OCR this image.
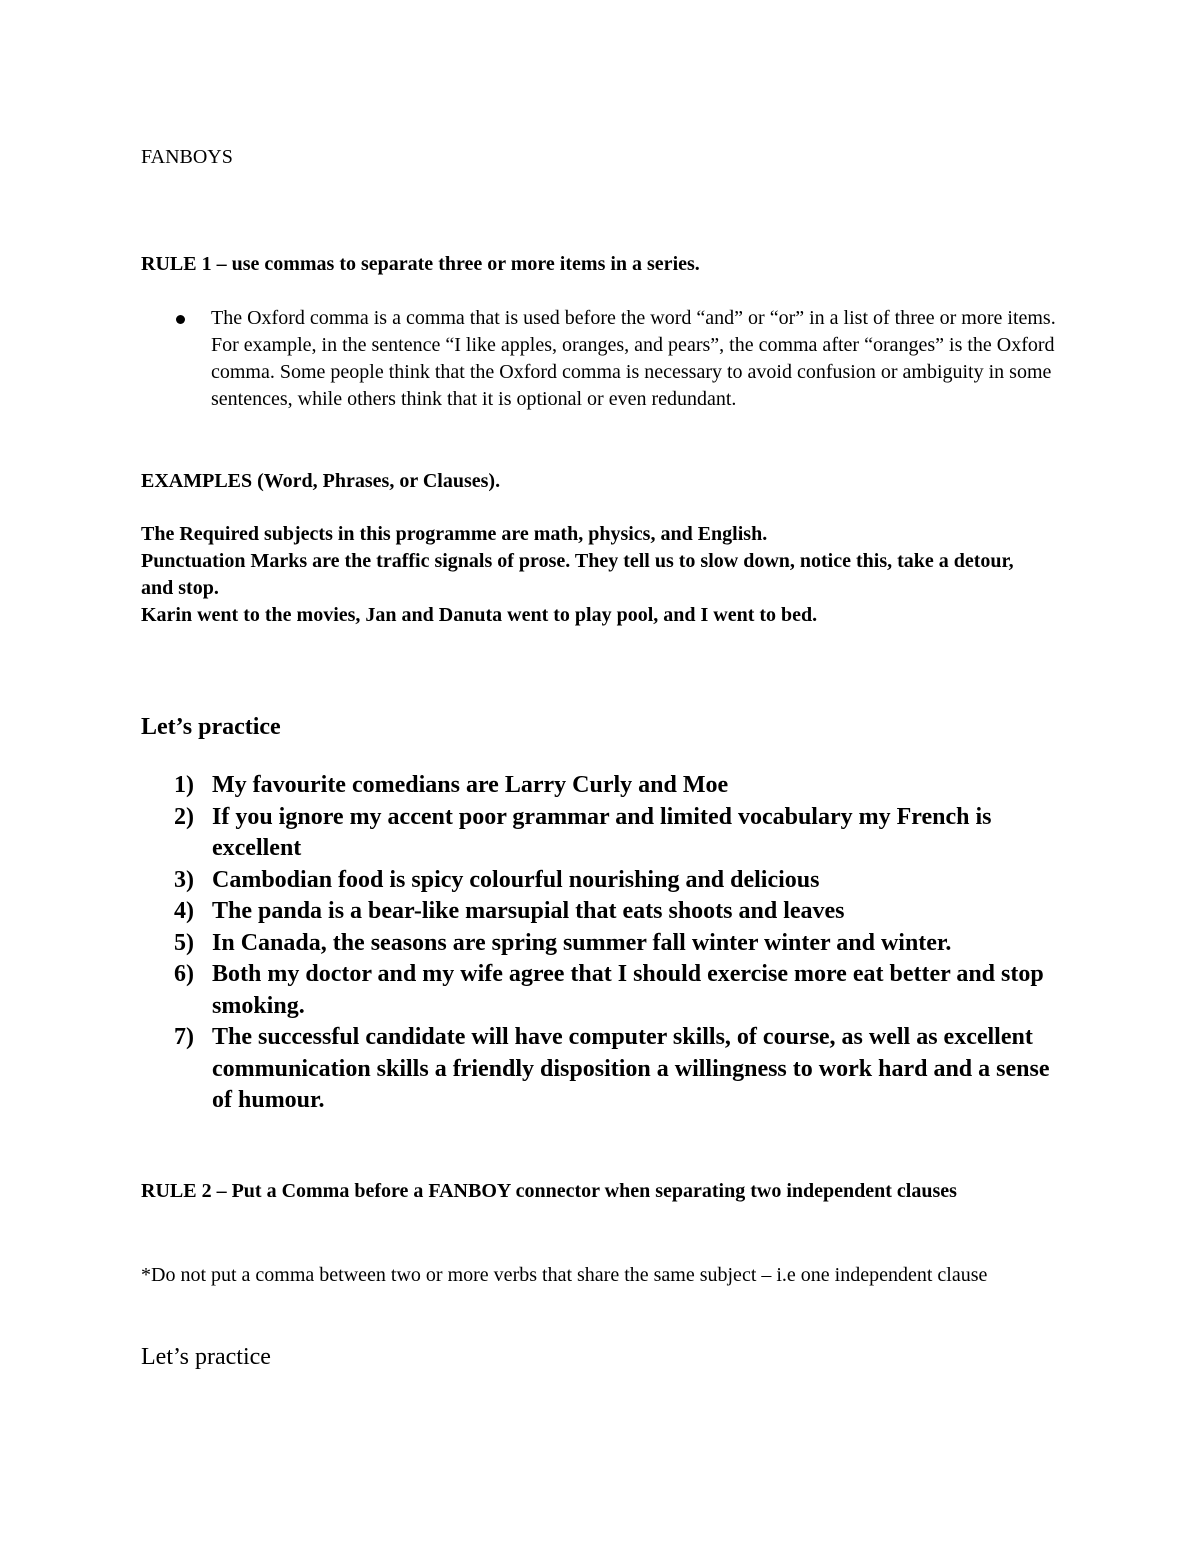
FANBOYS

RULE 1 – use commas to separate three or more items in a series.

The Oxford comma is a comma that is used before the word “and” or “or” in a list of three or more items. For example, in the sentence “I like apples, oranges, and pears”, the comma after “oranges” is the Oxford comma. Some people think that the Oxford comma is necessary to avoid confusion or ambiguity in some sentences, while others think that it is optional or even redundant.

EXAMPLES (Word, Phrases, or Clauses).

The Required subjects in this programme are math, physics, and English.
Punctuation Marks are the traffic signals of prose. They tell us to slow down, notice this, take a detour, and stop.
Karin went to the movies, Jan and Danuta went to play pool, and I went to bed.

Let’s practice

1) My favourite comedians are Larry Curly and Moe
2) If you ignore my accent poor grammar and limited vocabulary my French is excellent
3) Cambodian food is spicy colourful nourishing and delicious
4) The panda is a bear-like marsupial that eats shoots and leaves
5) In Canada, the seasons are spring summer fall winter winter and winter.
6) Both my doctor and my wife agree that I should exercise more eat better and stop smoking.
7) The successful candidate will have computer skills, of course, as well as excellent communication skills a friendly disposition a willingness to work hard and a sense of humour.

RULE 2 – Put a Comma before a FANBOY connector when separating two independent clauses

*Do not put a comma between two or more verbs that share the same subject – i.e one independent clause

Let’s practice
